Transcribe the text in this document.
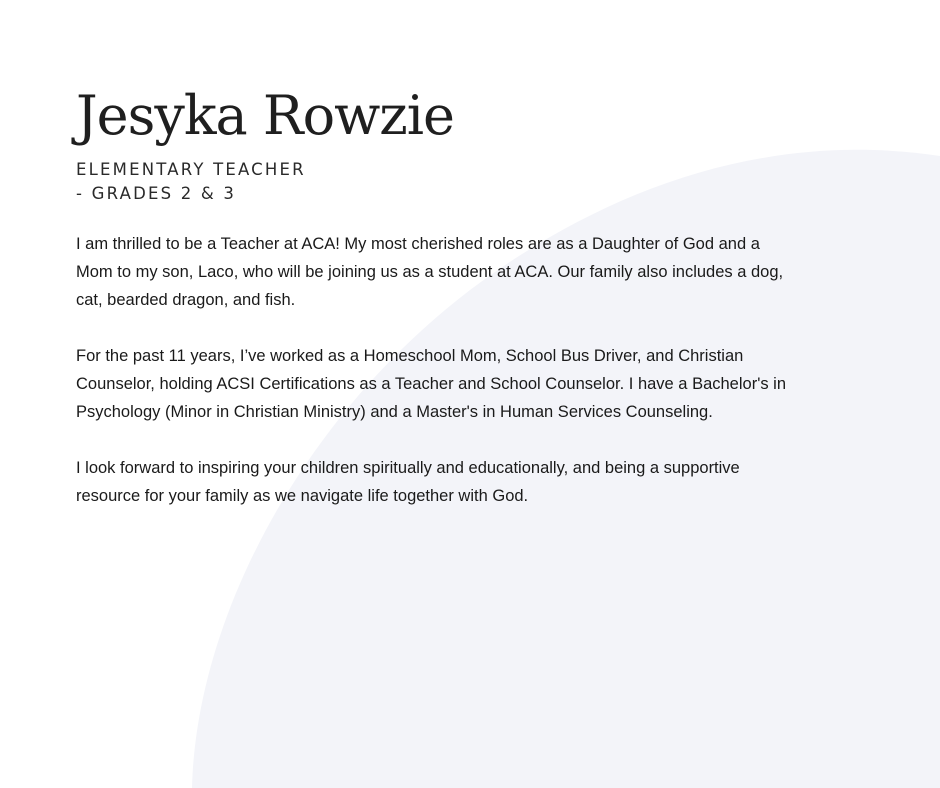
Jesyka Rowzie
ELEMENTARY TEACHER
- GRADES 2 & 3

I am thrilled to be a Teacher at ACA! My most cherished roles are as a Daughter of God and a Mom to my son, Laco, who will be joining us as a student at ACA. Our family also includes a dog, cat, bearded dragon, and fish.

For the past 11 years, I’ve worked as a Homeschool Mom, School Bus Driver, and Christian Counselor, holding ACSI Certifications as a Teacher and School Counselor. I have a Bachelor's in Psychology (Minor in Christian Ministry) and a Master's in Human Services Counseling.

I look forward to inspiring your children spiritually and educationally, and being a supportive resource for your family as we navigate life together with God.
